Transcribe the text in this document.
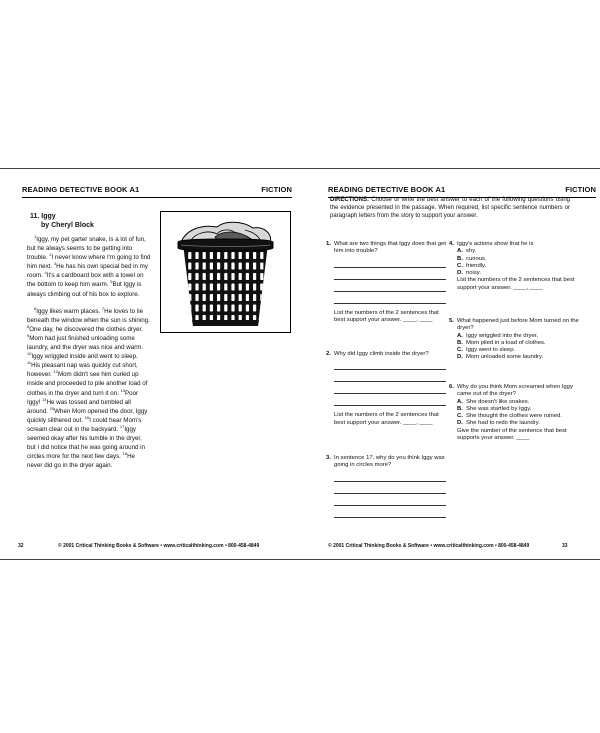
READING DETECTIVE BOOK A1	FICTION
11. Iggy
by Cheryl Block

$^1$Iggy, my pet garter snake, is a lot of fun, but he always seems to be getting into trouble. $^2$I never know where I'm going to find him next. $^3$He has his own special bed in my room. $^4$It's a cardboard box with a towel on the bottom to keep him warm. $^5$But Iggy is always climbing out of his box to explore.

$^6$Iggy likes warm places. $^7$He loves to lie beneath the window when the sun is shining. $^8$One day, he discovered the clothes dryer. $^9$Mom had just finished unloading some laundry, and the dryer was nice and warm. $^{10}$Iggy wriggled inside and went to sleep. $^{11}$His pleasant nap was quickly cut short, however. $^{12}$Mom didn't see him curled up inside and proceeded to pile another load of clothes in the dryer and turn it on. $^{13}$Poor Iggy! $^{14}$He was tossed and tumbled all around. $^{15}$When Mom opened the door, Iggy quickly slithered out. $^{16}$I could hear Mom's scream clear out in the backyard. $^{17}$Iggy seemed okay after his tumble in the dryer, but I did notice that he was going around in circles more for the next few days. $^{18}$He never did go in the dryer again.

32	© 2001 Critical Thinking Books & Software • www.criticalthinking.com • 800-458-4849
READING DETECTIVE BOOK A1	FICTION
DIRECTIONS: Choose or write the best answer to each of the following questions using the evidence presented in the passage. When required, list specific sentence numbers or paragraph letters from the story to support your answer.
1. What are two things that Iggy does that get him into trouble?
List the numbers of the 2 sentences that best support your answer. ____, ____
2. Why did Iggy climb inside the dryer?
List the numbers of the 2 sentences that best support your answer. ____, ____
3. In sentence 17, why do you think Iggy was going in circles more?
4. Iggy's actions show that he is
A. shy.
B. curious.
C. friendly.
D. noisy.
List the numbers of the 2 sentences that best support your answer. ____, ____
5. What happened just before Mom turned on the dryer?
A. Iggy wriggled into the dryer.
B. Mom piled in a load of clothes.
C. Iggy went to sleep.
D. Mom unloaded some laundry.
6. Why do you think Mom screamed when Iggy came out of the dryer?
A. She doesn't like snakes.
B. She was startled by Iggy.
C. She thought the clothes were ruined.
D. She had to redo the laundry.
Give the number of the sentence that best supports your answer. ____
© 2001 Critical Thinking Books & Software • www.criticalthinking.com • 800-458-4849	33
